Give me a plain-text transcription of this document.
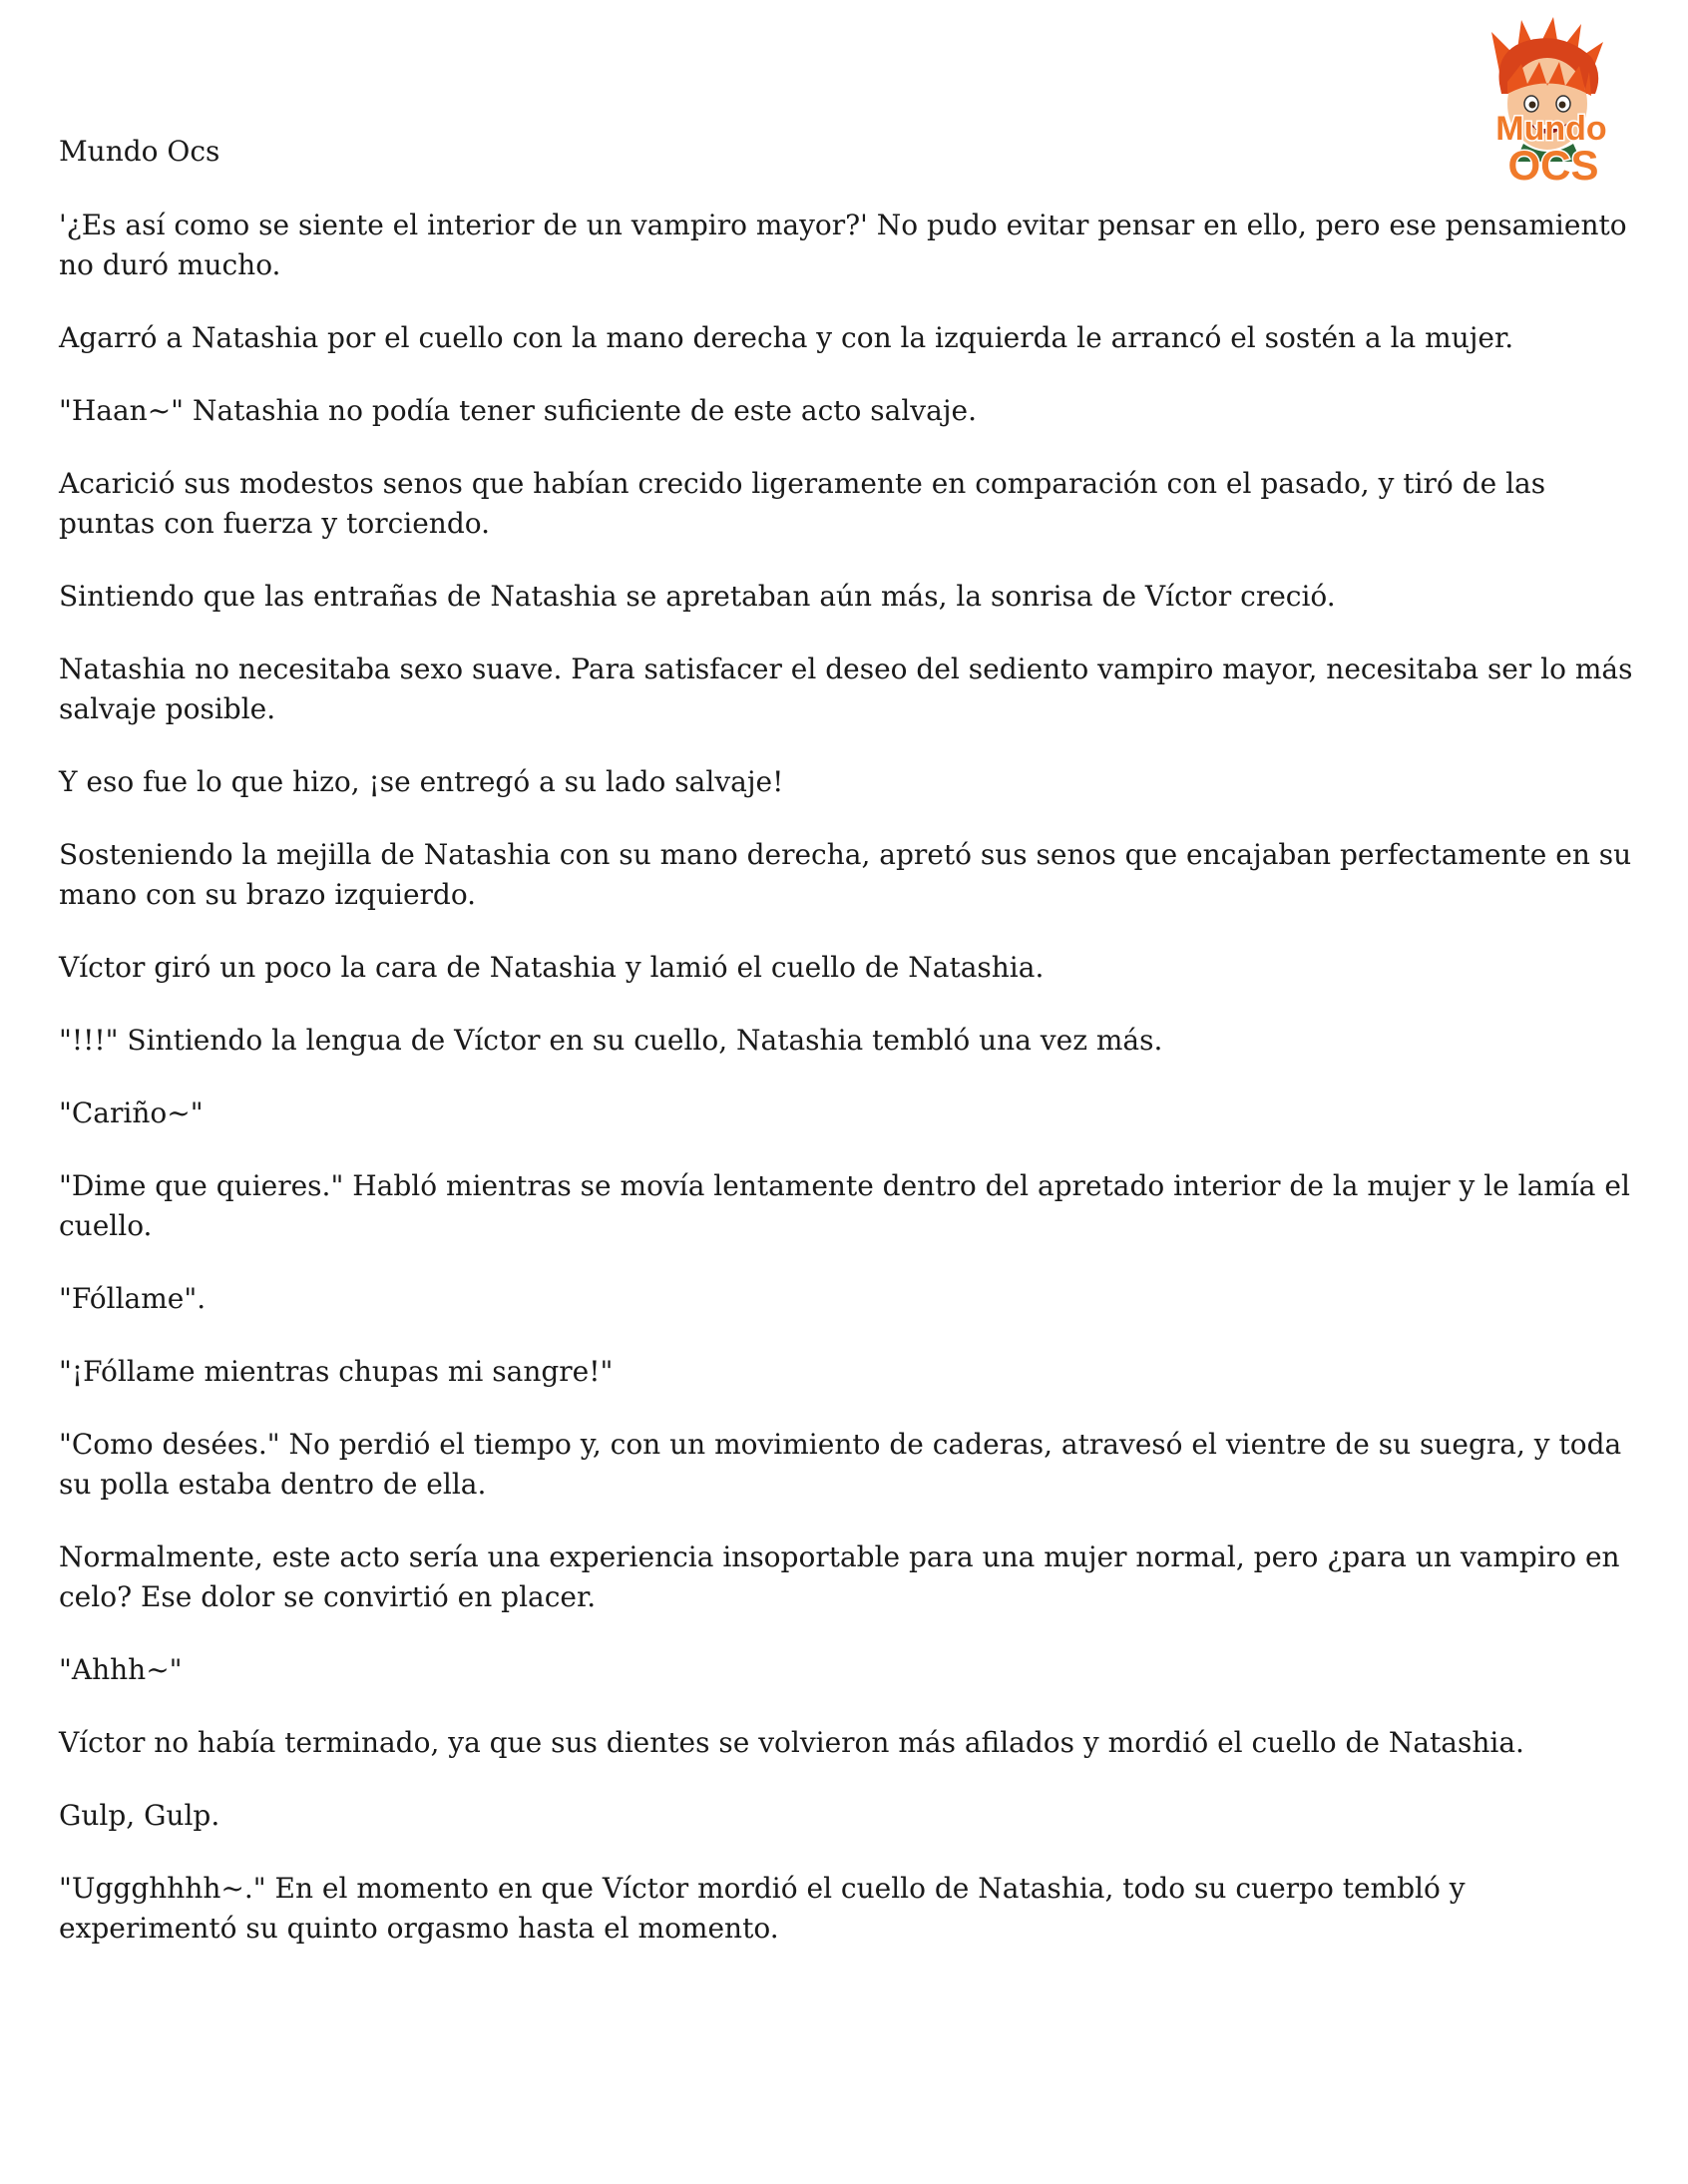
Mundo
OCS
Mundo Ocs

'¿Es así como se siente el interior de un vampiro mayor?' No pudo evitar pensar en ello, pero ese pensamiento no duró mucho.

Agarró a Natashia por el cuello con la mano derecha y con la izquierda le arrancó el sostén a la mujer.

"Haan~" Natashia no podía tener suficiente de este acto salvaje.

Acarició sus modestos senos que habían crecido ligeramente en comparación con el pasado, y tiró de las puntas con fuerza y torciendo.

Sintiendo que las entrañas de Natashia se apretaban aún más, la sonrisa de Víctor creció.

Natashia no necesitaba sexo suave. Para satisfacer el deseo del sediento vampiro mayor, necesitaba ser lo más salvaje posible.

Y eso fue lo que hizo, ¡se entregó a su lado salvaje!

Sosteniendo la mejilla de Natashia con su mano derecha, apretó sus senos que encajaban perfectamente en su mano con su brazo izquierdo.

Víctor giró un poco la cara de Natashia y lamió el cuello de Natashia.

"!!!" Sintiendo la lengua de Víctor en su cuello, Natashia tembló una vez más.

"Cariño~"

"Dime que quieres." Habló mientras se movía lentamente dentro del apretado interior de la mujer y le lamía el cuello.

"Fóllame".

"¡Fóllame mientras chupas mi sangre!"

"Como desées." No perdió el tiempo y, con un movimiento de caderas, atravesó el vientre de su suegra, y toda su polla estaba dentro de ella.

Normalmente, este acto sería una experiencia insoportable para una mujer normal, pero ¿para un vampiro en celo? Ese dolor se convirtió en placer.

"Ahhh~"

Víctor no había terminado, ya que sus dientes se volvieron más afilados y mordió el cuello de Natashia.

Gulp, Gulp.

"Uggghhhh~." En el momento en que Víctor mordió el cuello de Natashia, todo su cuerpo tembló y experimentó su quinto orgasmo hasta el momento.
